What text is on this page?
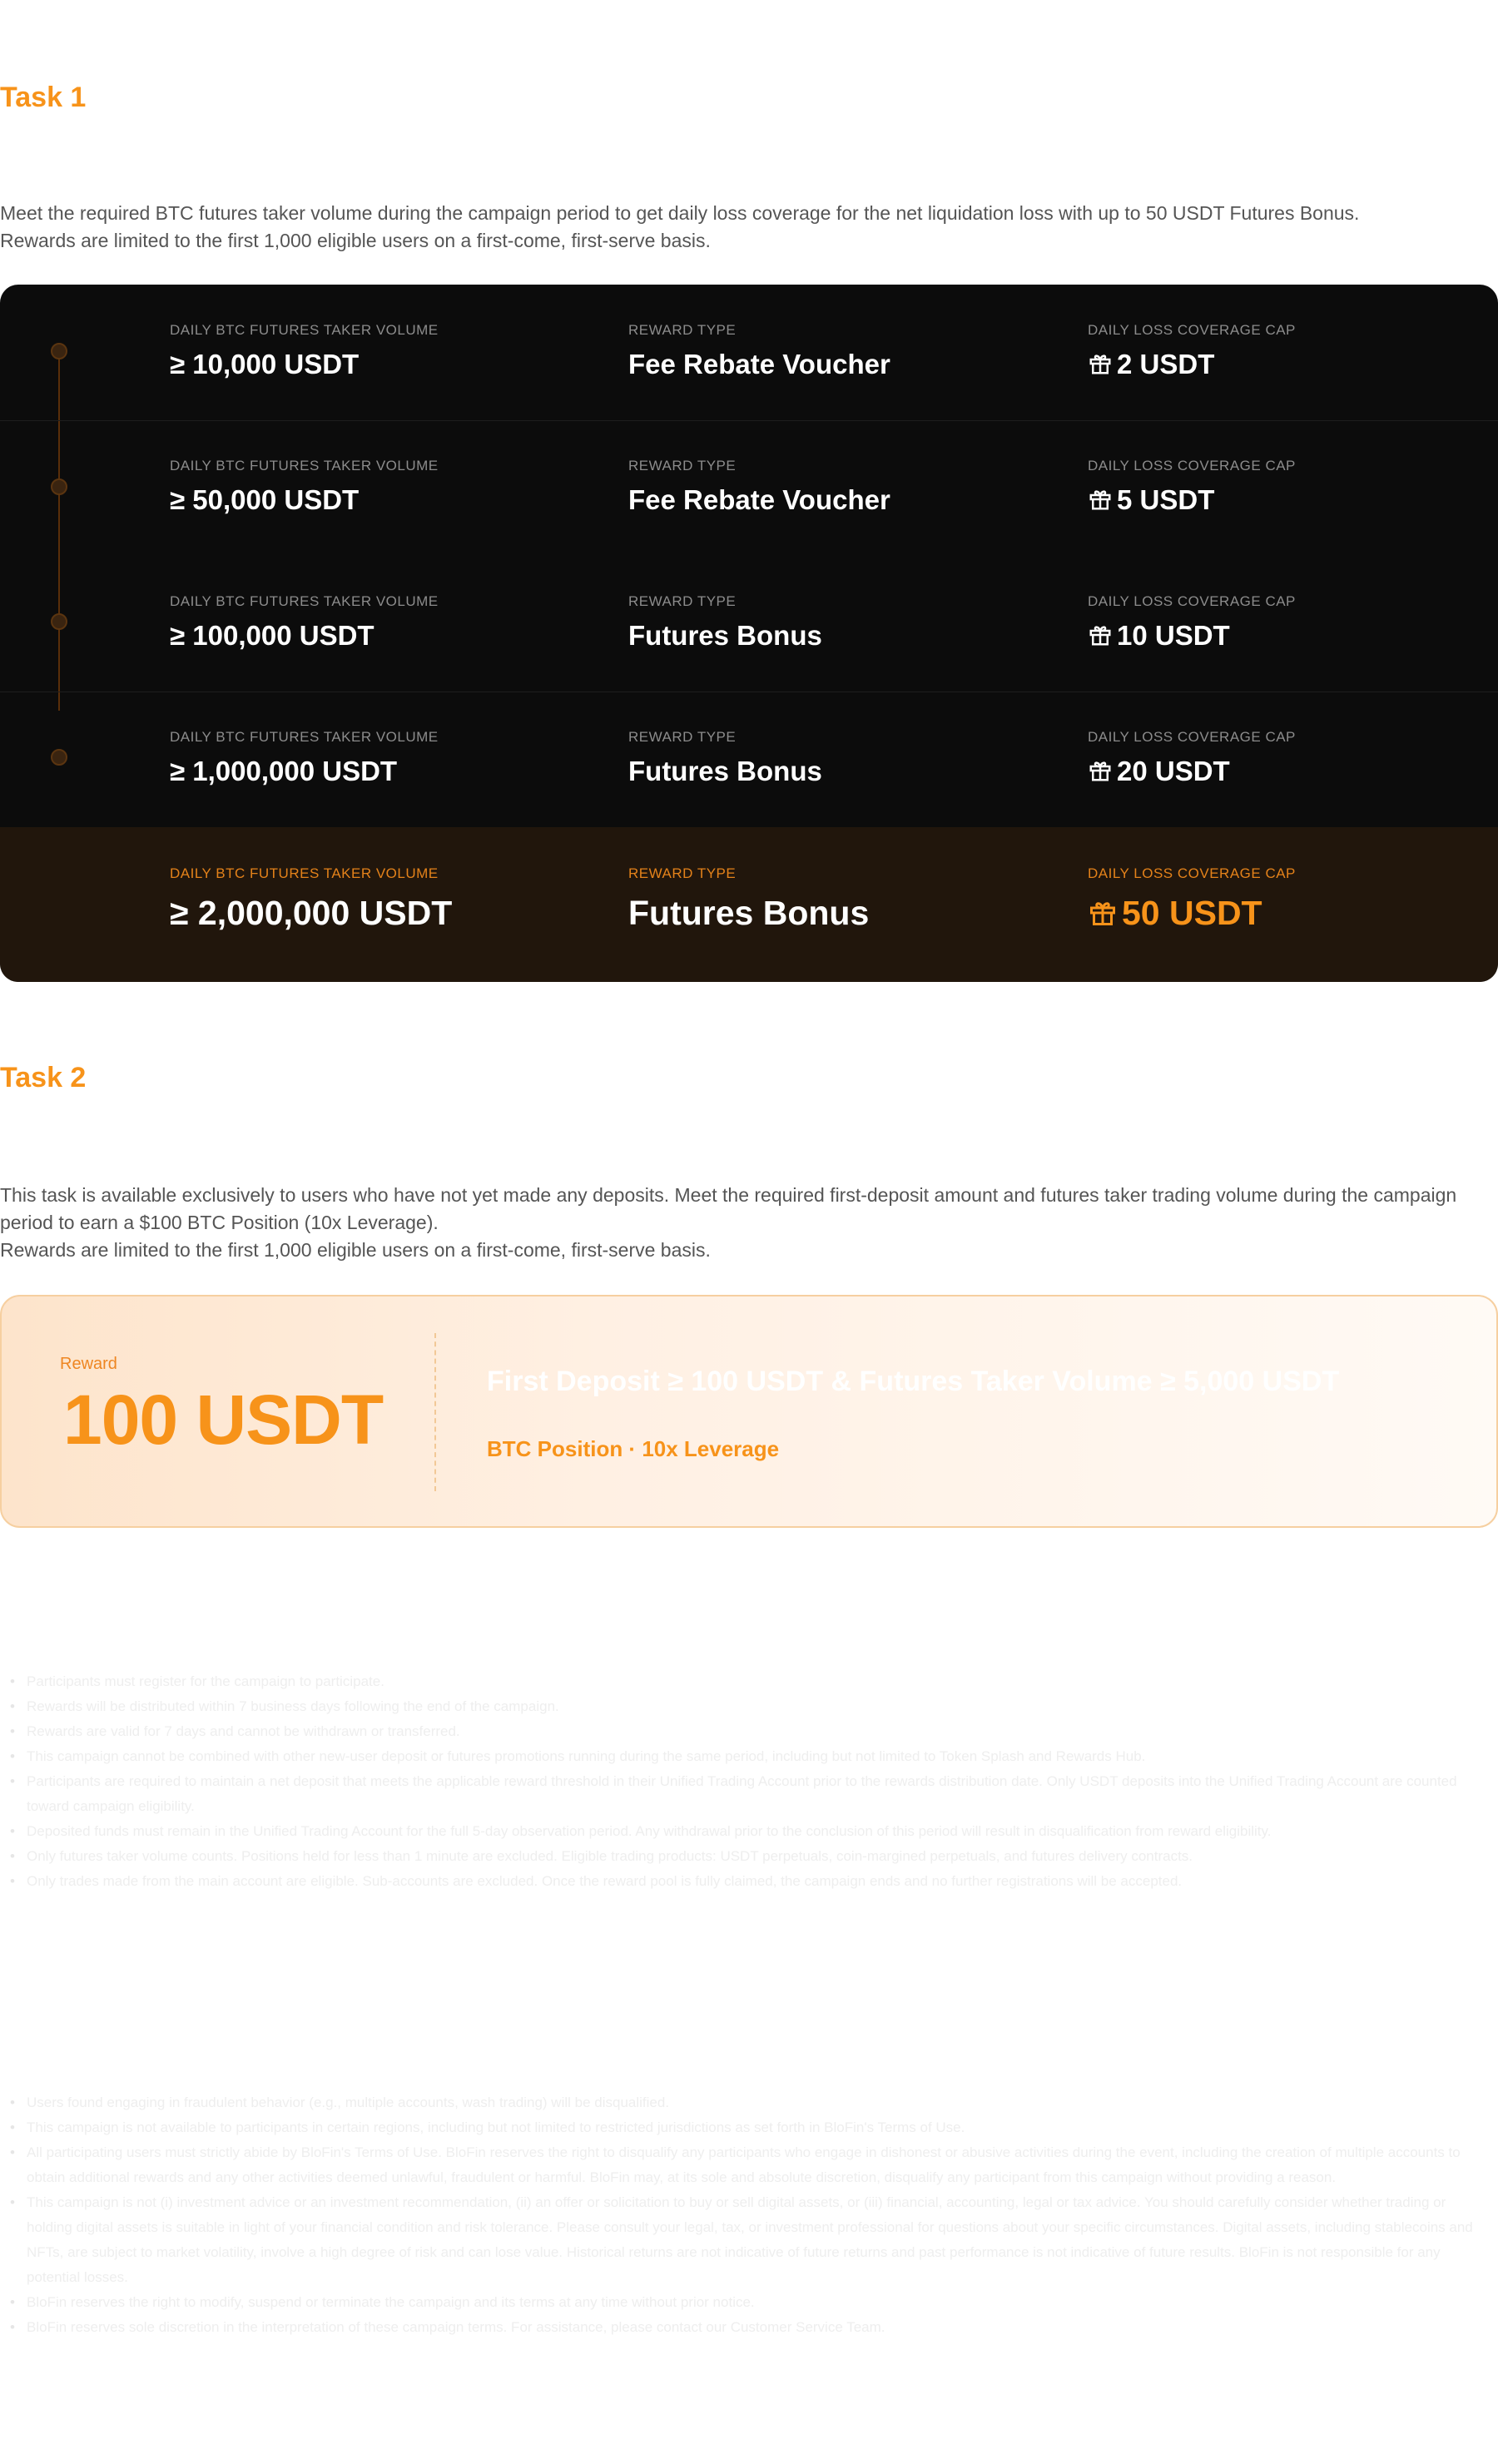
Task 1

Meet the required BTC futures taker volume during the campaign period to get daily loss coverage for the net liquidation loss with up to 50 USDT Futures Bonus.

Rewards are limited to the first 1,000 eligible users on a first-come, first-serve basis.

DAILY BTC FUTURES TAKER VOLUME
≥ 10,000 USDT
REWARD TYPE
Fee Rebate Voucher
DAILY LOSS COVERAGE CAP
2 USDT
DAILY BTC FUTURES TAKER VOLUME
≥ 50,000 USDT
REWARD TYPE
Fee Rebate Voucher
DAILY LOSS COVERAGE CAP
5 USDT
DAILY BTC FUTURES TAKER VOLUME
≥ 100,000 USDT
REWARD TYPE
Futures Bonus
DAILY LOSS COVERAGE CAP
10 USDT
DAILY BTC FUTURES TAKER VOLUME
≥ 1,000,000 USDT
REWARD TYPE
Futures Bonus
DAILY LOSS COVERAGE CAP
20 USDT
DAILY BTC FUTURES TAKER VOLUME
≥ 2,000,000 USDT
REWARD TYPE
Futures Bonus
DAILY LOSS COVERAGE CAP
50 USDT
Task 2

This task is available exclusively to users who have not yet made any deposits. Meet the required first-deposit amount and futures taker trading volume during the campaign period to earn a $100 BTC Position (10x Leverage).

Rewards are limited to the first 1,000 eligible users on a first-come, first-serve basis.

Reward
100 USDT	First Deposit ≥ 100 USDT & Futures Taker Volume ≥ 5,000 USDT
BTC Position · 10x Leverage
• Participants must register for the campaign to participate.
• Rewards will be distributed within 7 business days following the end of the campaign.
• Rewards are valid for 7 days and cannot be withdrawn or transferred.
• This campaign cannot be combined with other new-user deposit or futures promotions running during the same period, including but not limited to Token Splash and Rewards Hub.
• Participants are required to maintain a net deposit that meets the applicable reward threshold in their Unified Trading Account prior to the rewards distribution date. Only USDT deposits into the Unified Trading Account are counted toward campaign eligibility.
• Deposited funds must remain in the Unified Trading Account for the full 5-day observation period. Any withdrawal prior to the conclusion of this period will result in disqualification from reward eligibility.
• Only futures taker volume counts. Positions held for less than 1 minute are excluded. Eligible trading products: USDT perpetuals, coin-margined perpetuals, and futures delivery contracts.
• Only trades made from the main account are eligible. Sub-accounts are excluded. Once the reward pool is fully claimed, the campaign ends and no further registrations will be accepted.
• Users found engaging in fraudulent behavior (e.g., multiple accounts, wash trading) will be disqualified.
• This campaign is not available to participants in certain regions, including but not limited to restricted jurisdictions as set forth in BloFin's Terms of Use.
• All participating users must strictly abide by BloFin's Terms of Use. BloFin reserves the right to disqualify any participants who engage in dishonest or abusive activities during the event, including the creation of multiple accounts to obtain additional rewards and any other activities deemed unlawful, fraudulent or harmful. BloFin may, at its sole and absolute discretion, disqualify any participant from this campaign without providing a reason.
• This campaign is not (i) investment advice or an investment recommendation, (ii) an offer or solicitation to buy or sell digital assets, or (iii) financial, accounting, legal or tax advice. You should carefully consider whether trading or holding digital assets is suitable in light of your financial condition and risk tolerance. Please consult your legal, tax, or investment professional for questions about your specific circumstances. Digital assets, including stablecoins and NFTs, are subject to market volatility, involve a high degree of risk and can lose value. Historical returns are not indicative of future returns and past performance is not indicative of future results. BloFin is not responsible for any potential losses.
• BloFin reserves the right to modify, suspend or terminate the campaign and its terms at any time without prior notice.
• BloFin reserves sole discretion in the interpretation of these campaign terms. For assistance, please contact our Customer Service Team.
